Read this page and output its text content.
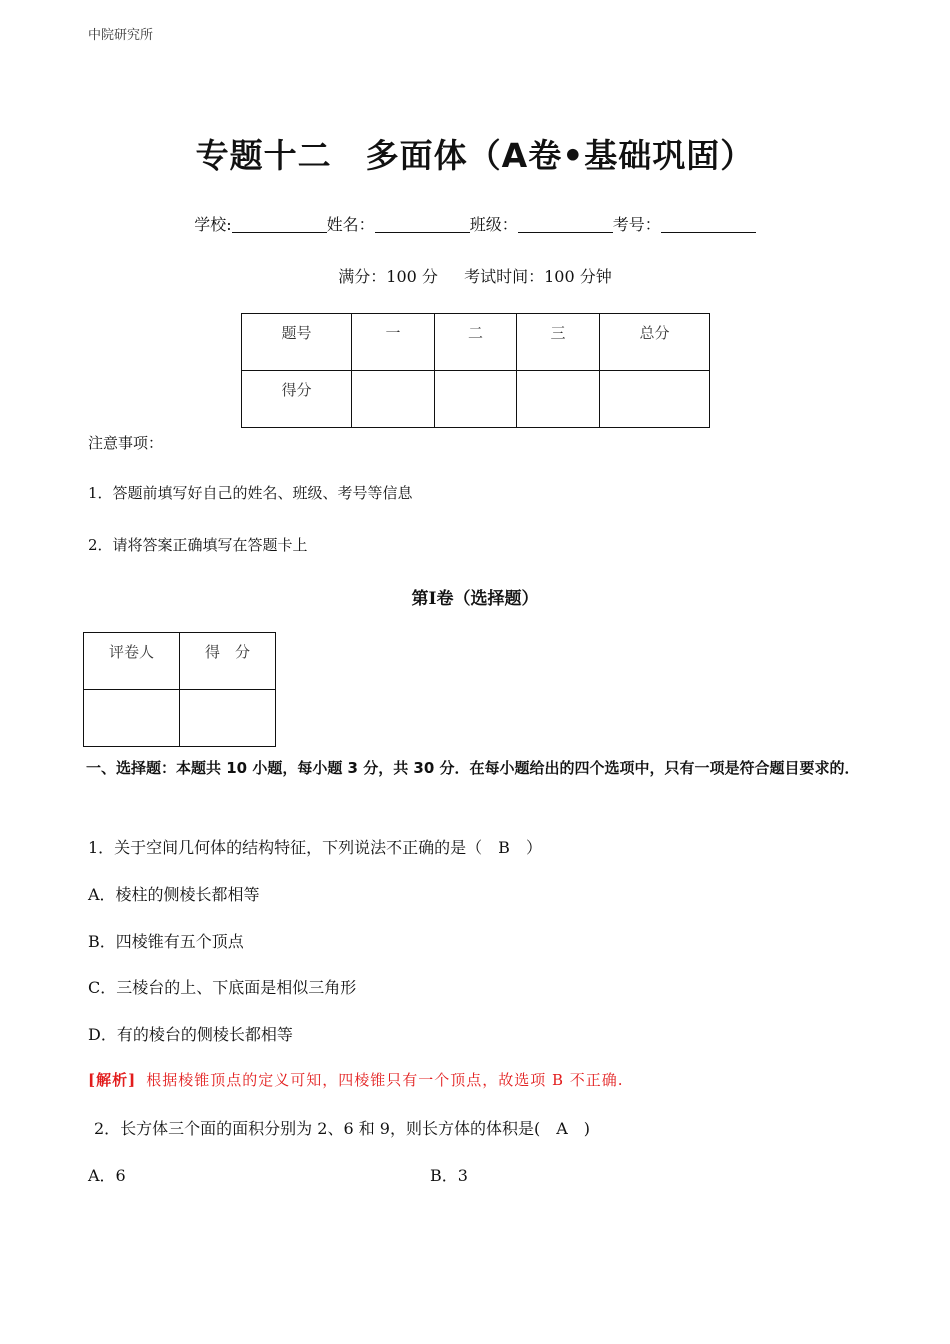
中院研究所
专题十二　多面体（A卷•基础巩固）
学校:	姓名：	班级：	考号：
满分：100 分　  考试时间：100 分钟
题号	一	二	三	总分
得分				
注意事项：
1．答题前填写好自己的姓名、班级、考号等信息
2．请将答案正确填写在答题卡上
第Ⅰ卷（选择题）
评卷人	得　分

一、选择题：本题共 10 小题，每小题 3 分，共 30 分．在每小题给出的四个选项中，只有一项是符合题目要求的．
1．关于空间几何体的结构特征，下列说法不正确的是（　B　）
A．棱柱的侧棱长都相等
B．四棱锥有五个顶点
C．三棱台的上、下底面是相似三角形
D．有的棱台的侧棱长都相等
[解析] 根据棱锥顶点的定义可知，四棱锥只有一个顶点，故选项 B 不正确.
2．长方体三个面的面积分别为 2、6 和 9，则长方体的体积是(　A　)
A．6	B．3
